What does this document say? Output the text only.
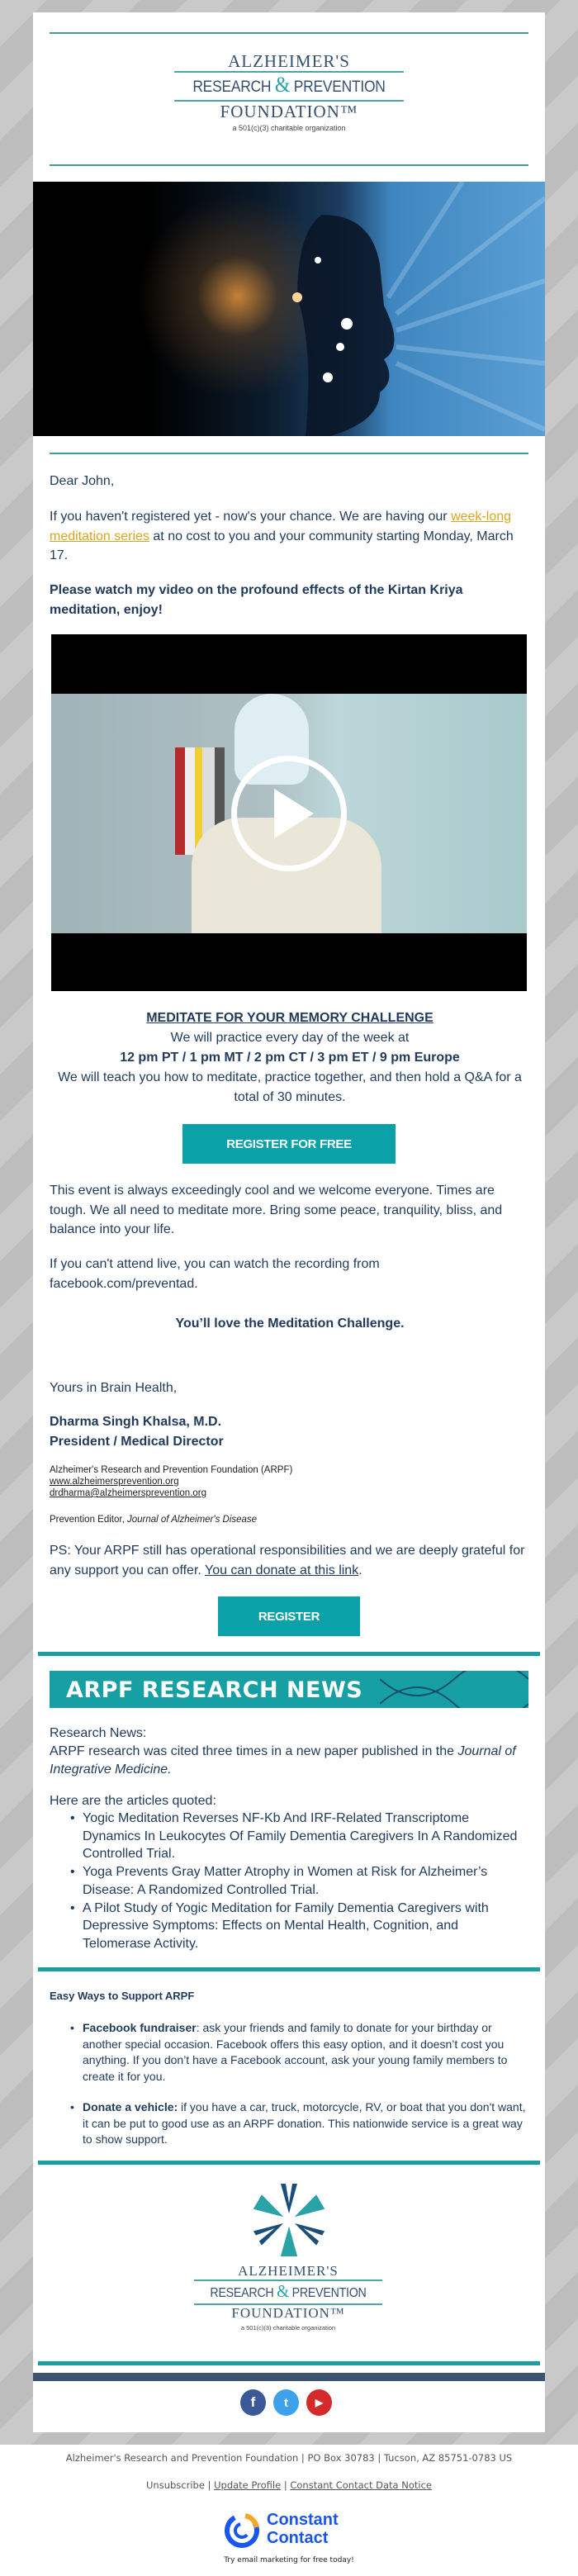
ALZHEIMER'S
RESEARCH & PREVENTION
FOUNDATION™
a 501(c)(3) charitable organization
Dear John,
If you haven't registered yet - now's your chance. We are having our week-long meditation series at no cost to you and your community starting Monday, March 17.
Please watch my video on the profound effects of the Kirtan Kriya meditation, enjoy!
MEDITATE FOR YOUR MEMORY CHALLENGE
We will practice every day of the week at
12 pm PT / 1 pm MT / 2 pm CT / 3 pm ET / 9 pm Europe
We will teach you how to meditate, practice together, and then hold a Q&A for a total of 30 minutes.
REGISTER FOR FREE
This event is always exceedingly cool and we welcome everyone. Times are tough. We all need to meditate more. Bring some peace, tranquility, bliss, and balance into your life.
If you can't attend live, you can watch the recording from facebook.com/preventad.
You’ll love the Meditation Challenge.
Yours in Brain Health,
Dharma Singh Khalsa, M.D.
President / Medical Director
Alzheimer's Research and Prevention Foundation (ARPF)
www.alzheimersprevention.org
drdharma@alzheimersprevention.org
Prevention Editor, Journal of Alzheimer's Disease
PS: Your ARPF still has operational responsibilities and we are deeply grateful for any support you can offer. You can donate at this link.
REGISTER
ARPF RESEARCH NEWS
Research News:
ARPF research was cited three times in a new paper published in the Journal of Integrative Medicine.
Here are the articles quoted:
• Yogic Meditation Reverses NF-Kb And IRF-Related Transcriptome Dynamics In Leukocytes Of Family Dementia Caregivers In A Randomized Controlled Trial.
• Yoga Prevents Gray Matter Atrophy in Women at Risk for Alzheimer’s Disease: A Randomized Controlled Trial.
• A Pilot Study of Yogic Meditation for Family Dementia Caregivers with Depressive Symptoms: Effects on Mental Health, Cognition, and Telomerase Activity.
Easy Ways to Support ARPF
• Facebook fundraiser: ask your friends and family to donate for your birthday or another special occasion. Facebook offers this easy option, and it doesn’t cost you anything. If you don’t have a Facebook account, ask your young family members to create it for you.
• Donate a vehicle: if you have a car, truck, motorcycle, RV, or boat that you don't want, it can be put to good use as an ARPF donation. This nationwide service is a great way to show support.
ALZHEIMER'S
RESEARCH & PREVENTION
FOUNDATION™
a 501(c)(3) charitable organization
f t	▶
Alzheimer's Research and Prevention Foundation | PO Box 30783 | Tucson, AZ 85751-0783 US
Unsubscribe | Update Profile | Constant Contact Data Notice
Constant
Contact
Try email marketing for free today!
